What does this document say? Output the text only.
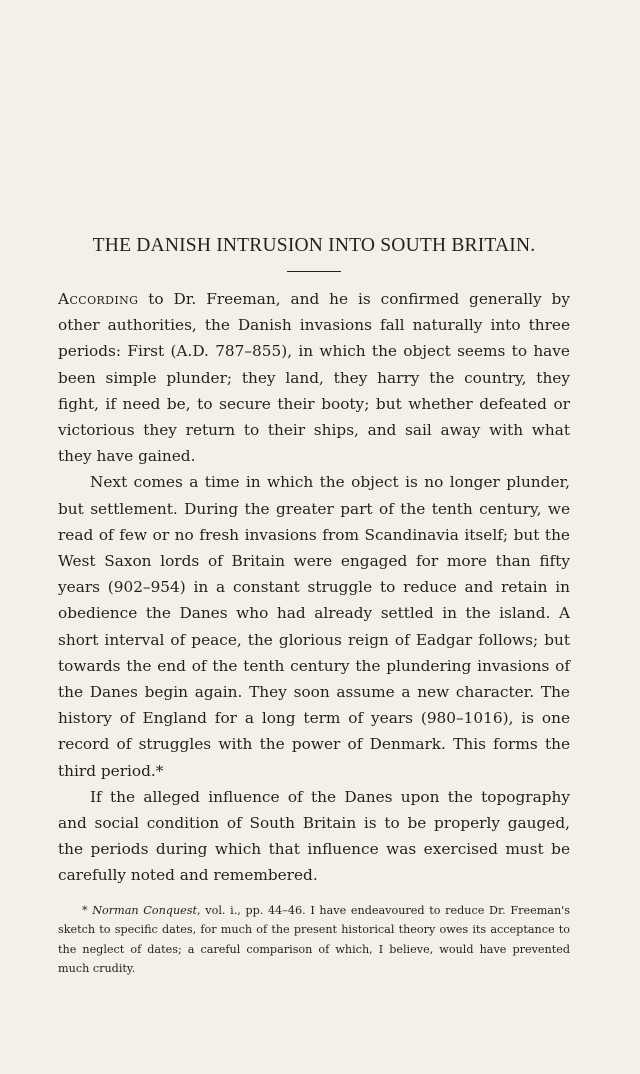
THE DANISH INTRUSION INTO SOUTH BRITAIN.

According to Dr. Freeman, and he is confirmed generally by other authorities, the Danish invasions fall naturally into three periods: First (A.D. 787–855), in which the object seems to have been simple plunder; they land, they harry the country, they fight, if need be, to secure their booty; but whether defeated or victorious they return to their ships, and sail away with what they have gained.

Next comes a time in which the object is no longer plunder, but settlement. During the greater part of the tenth century, we read of few or no fresh invasions from Scandinavia itself; but the West Saxon lords of Britain were engaged for more than fifty years (902–954) in a constant struggle to reduce and retain in obedience the Danes who had already settled in the island. A short interval of peace, the glorious reign of Eadgar follows; but towards the end of the tenth century the plundering invasions of the Danes begin again. They soon assume a new character. The history of England for a long term of years (980–1016), is one record of struggles with the power of Denmark. This forms the third period.*

If the alleged influence of the Danes upon the topography and social condition of South Britain is to be properly gauged, the periods during which that influence was exercised must be carefully noted and remembered.

* Norman Conquest, vol. i., pp. 44–46. I have endeavoured to reduce Dr. Freeman's sketch to specific dates, for much of the present historical theory owes its acceptance to the neglect of dates; a careful comparison of which, I believe, would have prevented much crudity.
